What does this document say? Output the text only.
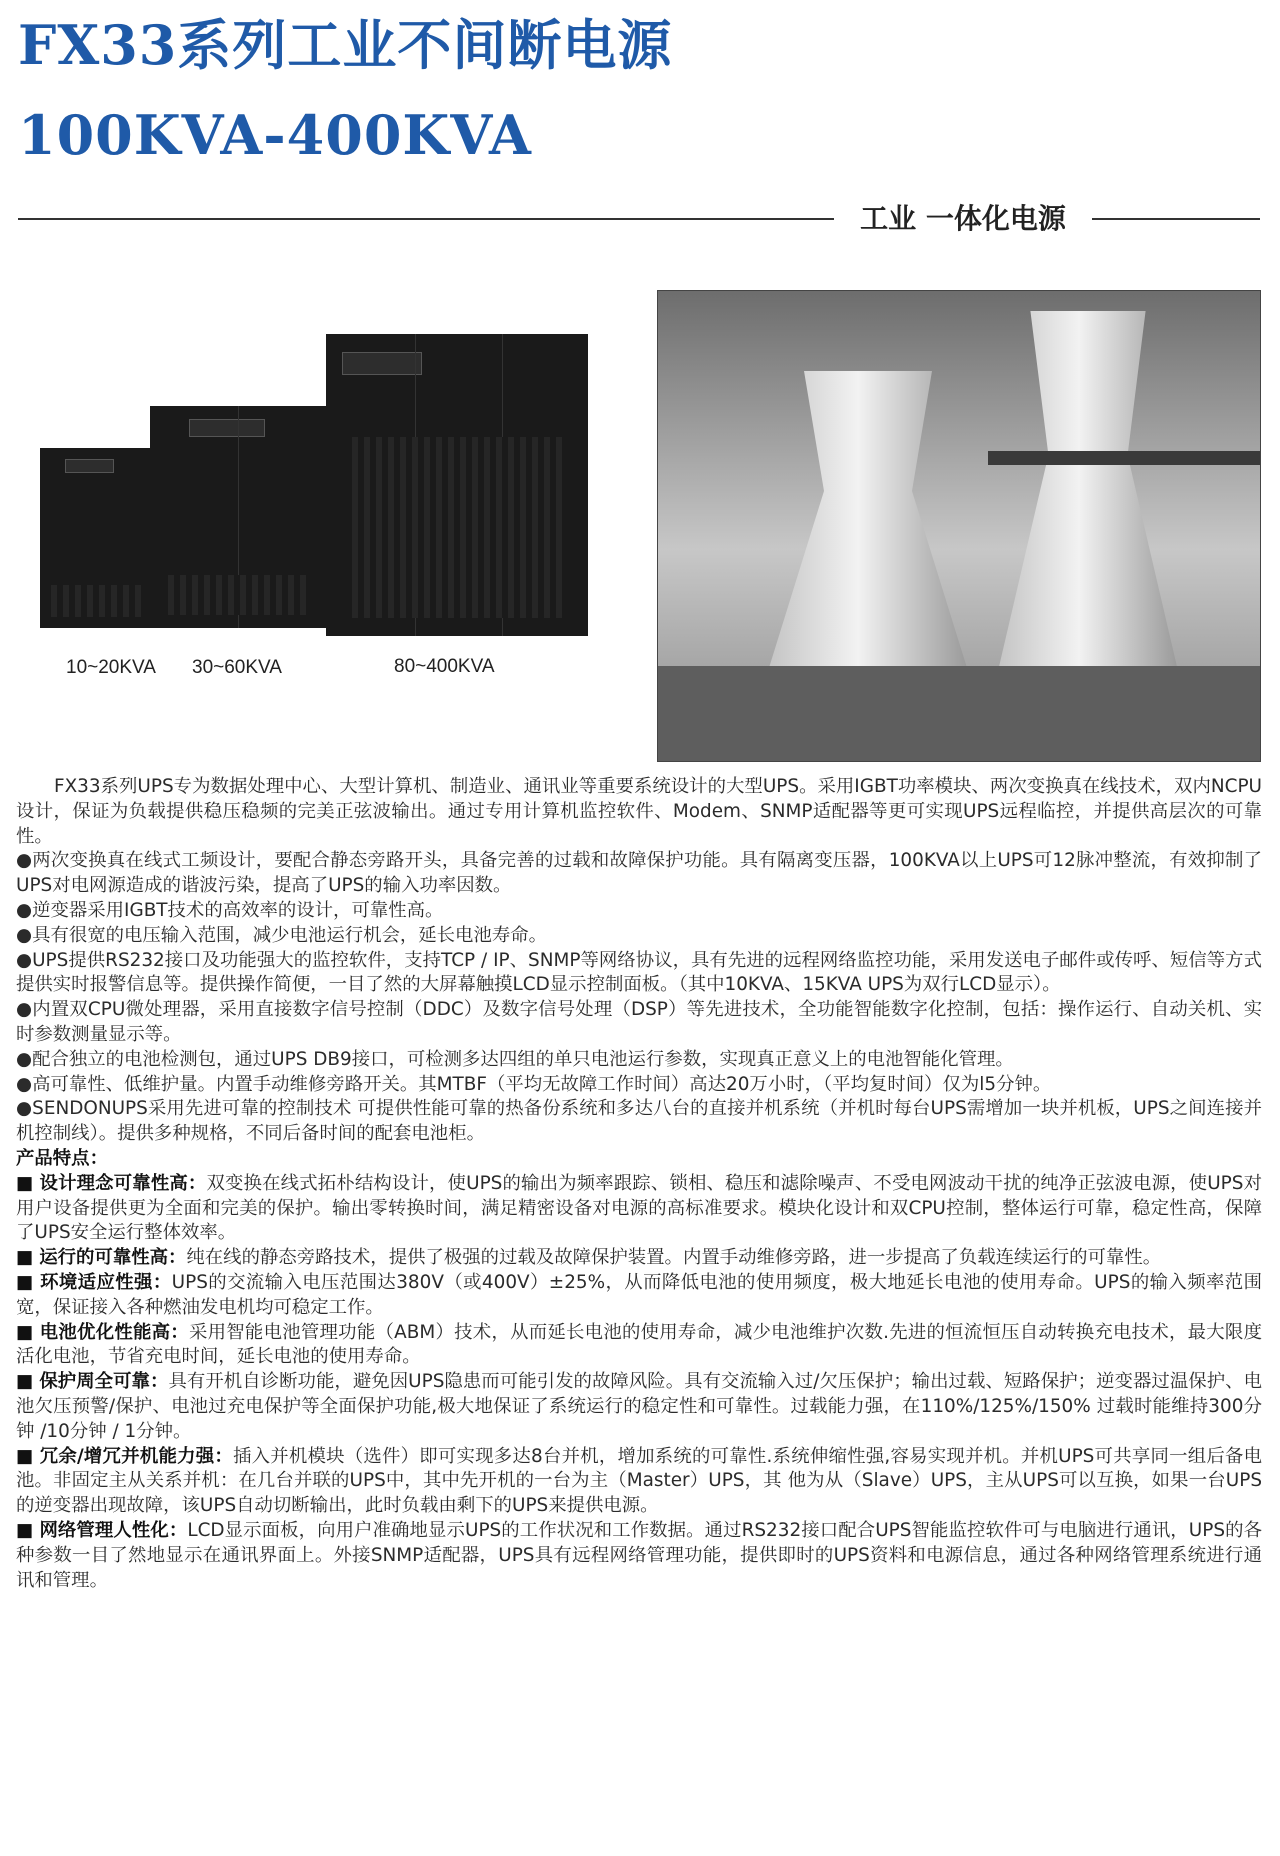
FX33系列工业不间断电源
100KVA-400KVA
工业 一体化电源
10~20KVA 30~60KVA	80~400KVA

FX33系列UPS专为数据处理中心、大型计算机、制造业、通讯业等重要系统设计的大型UPS。采用IGBT功率模块、两次变换真在线技术，双内NCPU设计，保证为负载提供稳压稳频的完美正弦波输出。通过专用计算机监控软件、Modem、SNMP适配器等更可实现UPS远程临控，并提供高层次的可靠性。

●两次变换真在线式工频设计，要配合静态旁路开头，具备完善的过载和故障保护功能。具有隔离变压器，100KVA以上UPS可12脉冲整流，有效抑制了UPS对电网源造成的谐波污染，提高了UPS的输入功率因数。

●逆变器采用IGBT技术的高效率的设计，可靠性高。

●具有很宽的电压输入范围，减少电池运行机会，延长电池寿命。

●UPS提供RS232接口及功能强大的监控软件，支持TCP / IP、SNMP等网络协议，具有先进的远程网络监控功能，采用发送电子邮件或传呼、短信等方式提供实时报警信息等。提供操作简便，一目了然的大屏幕触摸LCD显示控制面板。（其中10KVA、15KVA UPS为双行LCD显示）。

●内置双CPU微处理器，采用直接数字信号控制（DDC）及数字信号处理（DSP）等先进技术，全功能智能数字化控制，包括：操作运行、自动关机、实时参数测量显示等。

●配合独立的电池检测包，通过UPS DB9接口，可检测多达四组的单只电池运行参数，实现真正意义上的电池智能化管理。

●高可靠性、低维护量。内置手动维修旁路开关。其MTBF（平均无故障工作时间）高达20万小时，（平均复时间）仅为l5分钟。

●SENDONUPS采用先进可靠的控制技术 可提供性能可靠的热备份系统和多达八台的直接并机系统（并机时每台UPS需增加一块并机板，UPS之间连接并机控制线）。提供多种规格，不同后备时间的配套电池柜。

产品特点：

■ 设计理念可靠性高：双变换在线式拓朴结构设计，使UPS的输出为频率跟踪、锁相、稳压和滤除噪声、不受电网波动干扰的纯净正弦波电源，使UPS对用户设备提供更为全面和完美的保护。输出零转换时间，满足精密设备对电源的高标准要求。模块化设计和双CPU控制，整体运行可靠，稳定性高，保障了UPS安全运行整体效率。

■ 运行的可靠性高：纯在线的静态旁路技术，提供了极强的过载及故障保护装置。内置手动维修旁路，进一步提高了负载连续运行的可靠性。

■ 环境适应性强：UPS的交流输入电压范围达380V（或400V）±25%，从而降低电池的使用频度，极大地延长电池的使用寿命。UPS的输入频率范围宽，保证接入各种燃油发电机均可稳定工作。

■ 电池优化性能高：采用智能电池管理功能（ABM）技术，从而延长电池的使用寿命，减少电池维护次数.先进的恒流恒压自动转换充电技术，最大限度活化电池，节省充电时间，延长电池的使用寿命。

■ 保护周全可靠：具有开机自诊断功能，避免因UPS隐患而可能引发的故障风险。具有交流输入过/欠压保护；输出过载、短路保护；逆变器过温保护、电池欠压预警/保护、电池过充电保护等全面保护功能,极大地保证了系统运行的稳定性和可靠性。过载能力强，在110%/125%/150% 过载时能维持300分钟 /10分钟 / 1分钟。

■ 冗余/增冗并机能力强：插入并机模块（选件）即可实现多达8台并机，增加系统的可靠性.系统伸缩性强,容易实现并机。并机UPS可共享同一组后备电池。非固定主从关系并机：在几台并联的UPS中，其中先开机的一台为主（Master）UPS，其 他为从（Slave）UPS，主从UPS可以互换，如果一台UPS的逆变器出现故障，该UPS自动切断输出，此时负载由剩下的UPS来提供电源。

■ 网络管理人性化：LCD显示面板，向用户准确地显示UPS的工作状况和工作数据。通过RS232接口配合UPS智能监控软件可与电脑进行通讯，UPS的各种参数一目了然地显示在通讯界面上。外接SNMP适配器，UPS具有远程网络管理功能，提供即时的UPS资料和电源信息，通过各种网络管理系统进行通讯和管理。
